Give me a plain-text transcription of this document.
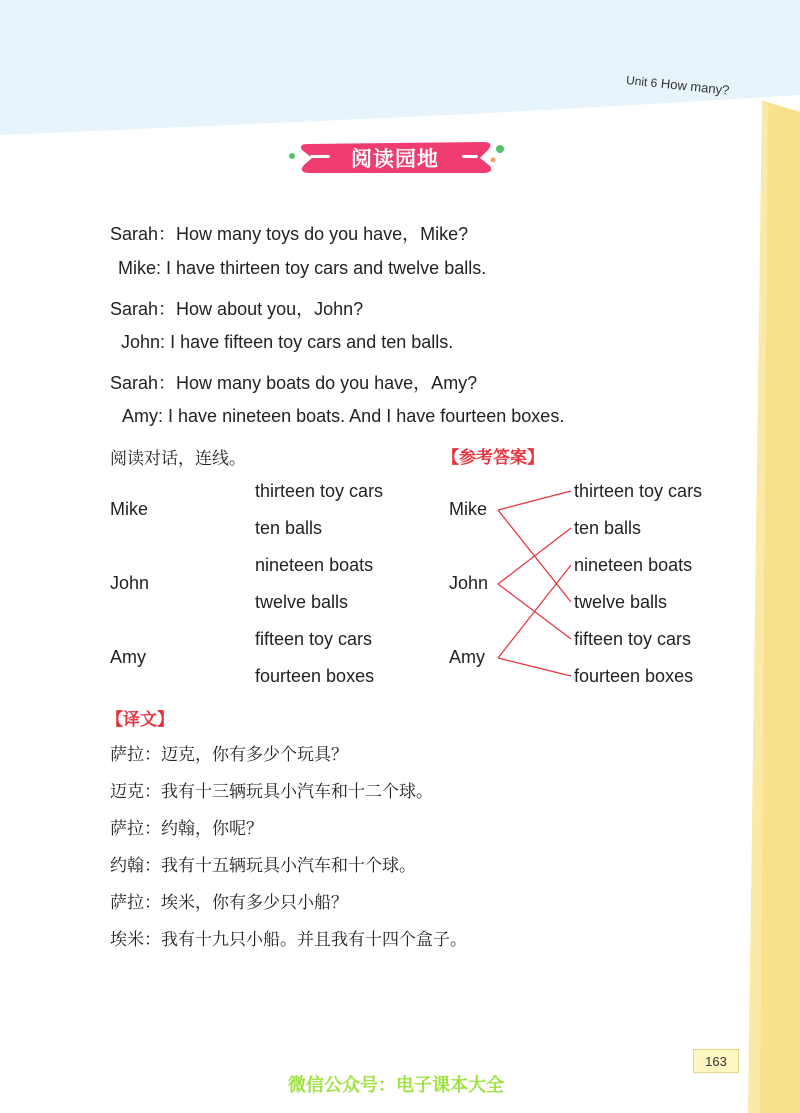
Unit 6 How many?
阅读园地
Sarah：How many toys do you have，Mike?
Mike: I have thirteen toy cars and twelve balls.
Sarah：How about you，John?
John: I have fifteen toy cars and ten balls.
Sarah：How many boats do you have，Amy?
Amy: I have nineteen boats. And I have fourteen boxes.
阅读对话，连线。	【参考答案】
Mike
John
Amy
thirteen toy cars
ten balls
nineteen boats
twelve balls
fifteen toy cars
fourteen boxes
Mike
John
Amy
thirteen toy cars
ten balls
nineteen boats
twelve balls
fifteen toy cars
fourteen boxes
【译文】
萨拉：迈克，你有多少个玩具？
迈克：我有十三辆玩具小汽车和十二个球。
萨拉：约翰，你呢？
约翰：我有十五辆玩具小汽车和十个球。
萨拉：埃米，你有多少只小船？
埃米：我有十九只小船。并且我有十四个盒子。
163
微信公众号：电子课本大全
